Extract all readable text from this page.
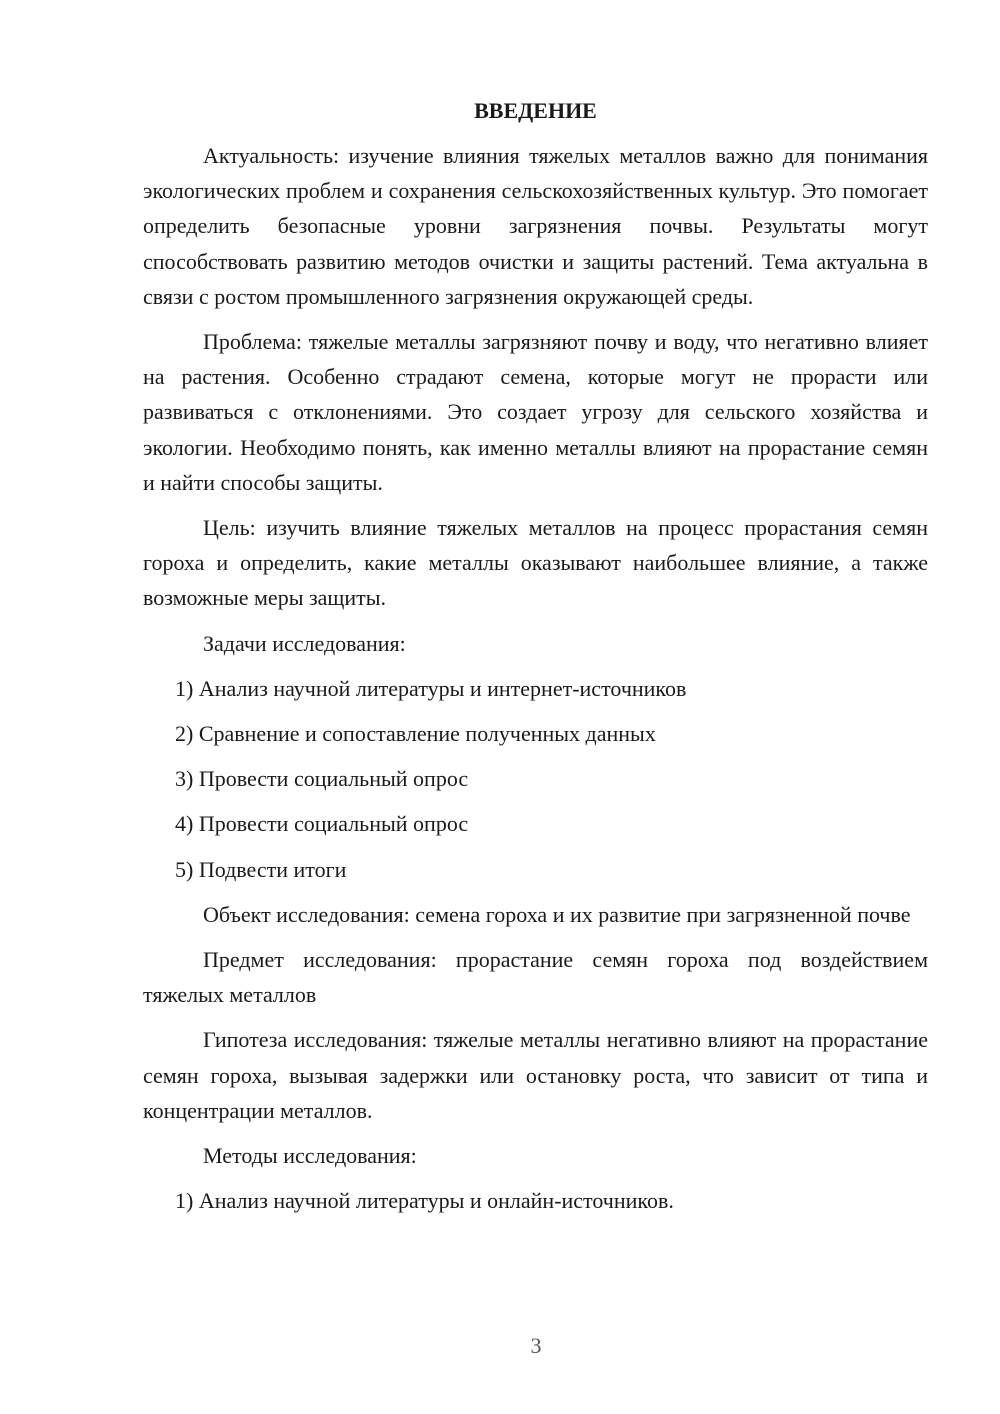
ВВЕДЕНИЕ

Актуальность: изучение влияния тяжелых металлов важно для понимания экологических проблем и сохранения сельскохозяйственных культур. Это помогает определить безопасные уровни загрязнения почвы. Результаты могут способствовать развитию методов очистки и защиты растений. Тема актуальна в связи с ростом промышленного загрязнения окружающей среды.

Проблема: тяжелые металлы загрязняют почву и воду, что негативно влияет на растения. Особенно страдают семена, которые могут не прорасти или развиваться с отклонениями. Это создает угрозу для сельского хозяйства и экологии. Необходимо понять, как именно металлы влияют на прорастание семян и найти способы защиты.

Цель: изучить влияние тяжелых металлов на процесс прорастания семян гороха и определить, какие металлы оказывают наибольшее влияние, а также возможные меры защиты.

Задачи исследования:

1) Анализ научной литературы и интернет-источников
2) Сравнение и сопоставление полученных данных
3) Провести социальный опрос
4) Провести социальный опрос
5) Подвести итоги

Объект исследования: семена гороха и их развитие при загрязненной почве

Предмет исследования: прорастание семян гороха под воздействием тяжелых металлов

Гипотеза исследования: тяжелые металлы негативно влияют на прорастание семян гороха, вызывая задержки или остановку роста, что зависит от типа и концентрации металлов.

Методы исследования:

1) Анализ научной литературы и онлайн-источников.
3
